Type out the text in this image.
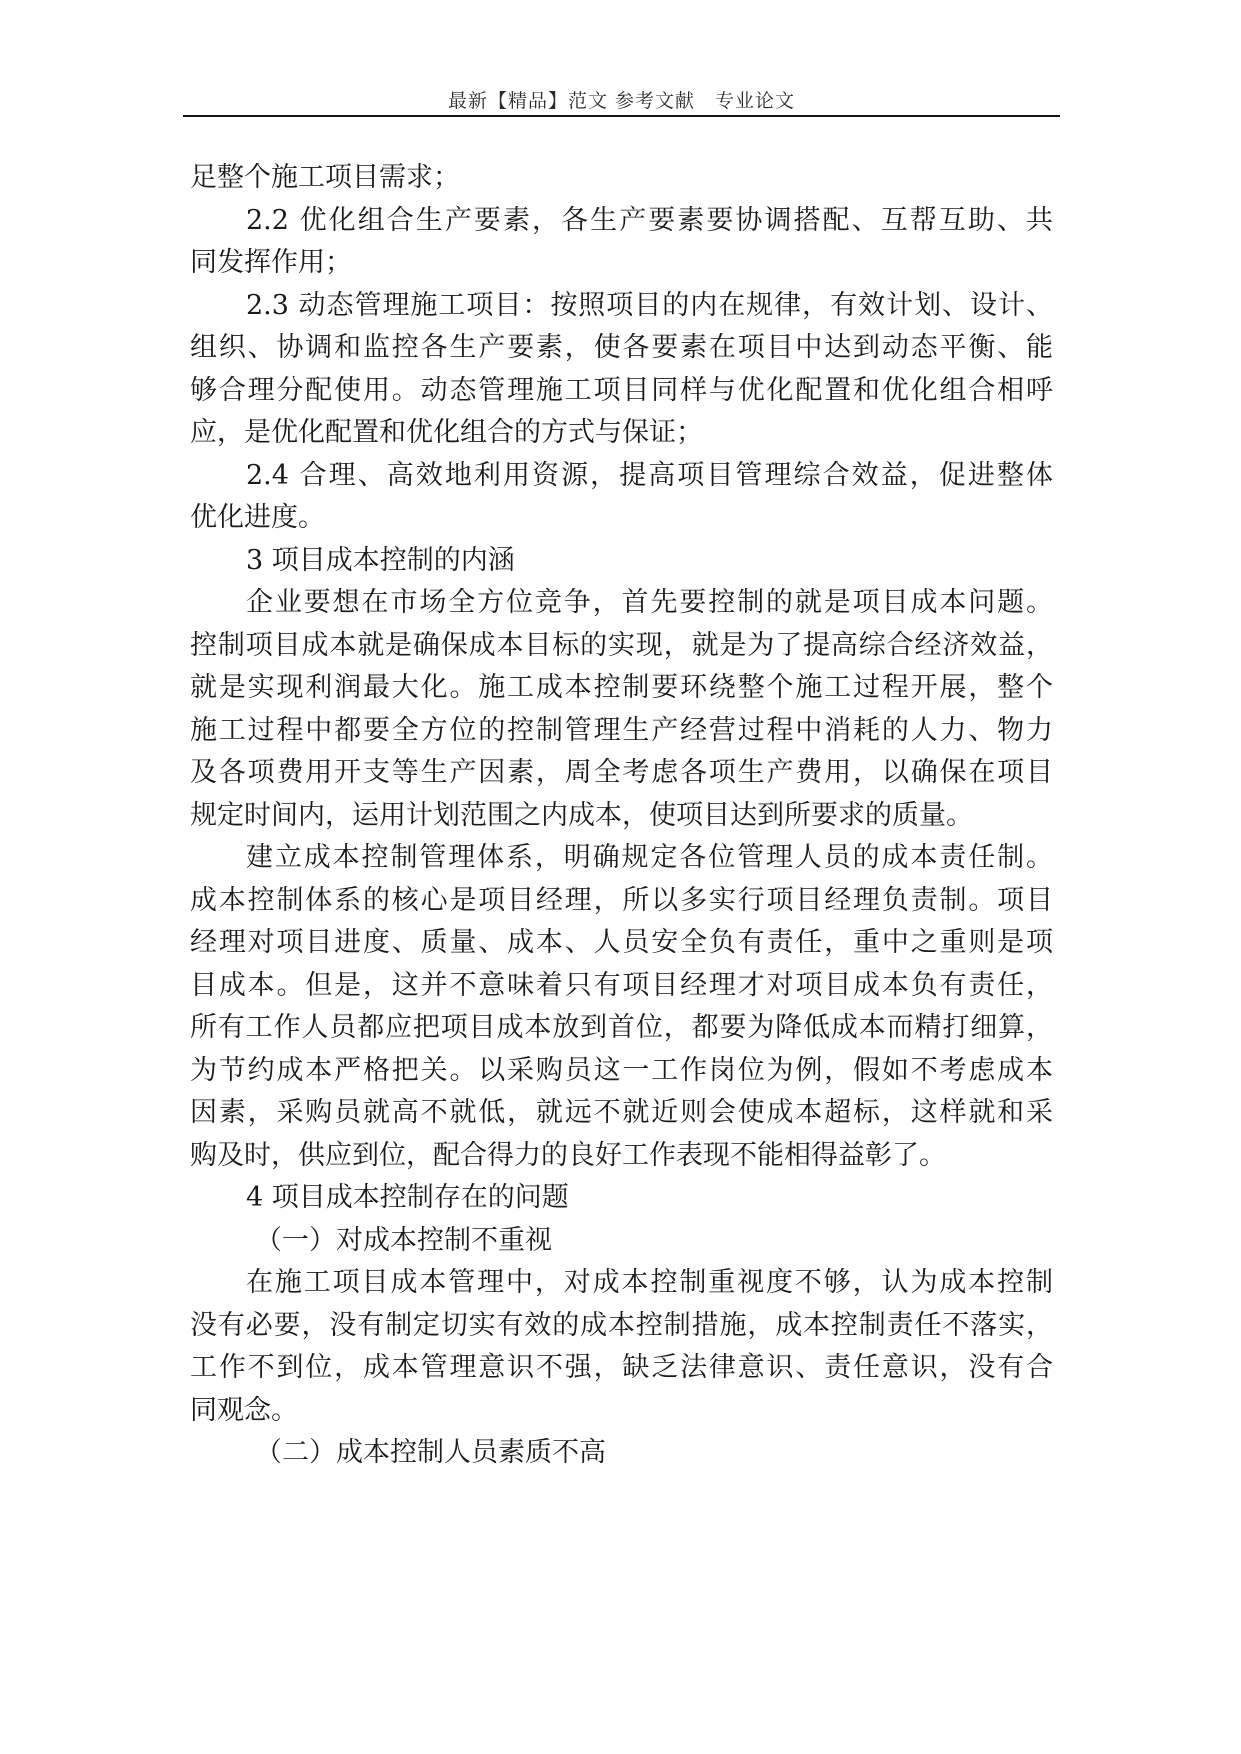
最新【精品】范文 参考文献　专业论文
足整个施工项目需求；
2.2 优化组合生产要素，各生产要素要协调搭配、互帮互助、共
同发挥作用；
2.3 动态管理施工项目：按照项目的内在规律，有效计划、设计、
组织、协调和监控各生产要素，使各要素在项目中达到动态平衡、能
够合理分配使用。动态管理施工项目同样与优化配置和优化组合相呼
应，是优化配置和优化组合的方式与保证；
2.4 合理、高效地利用资源，提高项目管理综合效益，促进整体
优化进度。
3 项目成本控制的内涵
企业要想在市场全方位竞争，首先要控制的就是项目成本问题。
控制项目成本就是确保成本目标的实现，就是为了提高综合经济效益，
就是实现利润最大化。施工成本控制要环绕整个施工过程开展，整个
施工过程中都要全方位的控制管理生产经营过程中消耗的人力、物力
及各项费用开支等生产因素，周全考虑各项生产费用，以确保在项目
规定时间内，运用计划范围之内成本，使项目达到所要求的质量。
建立成本控制管理体系，明确规定各位管理人员的成本责任制。
成本控制体系的核心是项目经理，所以多实行项目经理负责制。项目
经理对项目进度、质量、成本、人员安全负有责任，重中之重则是项
目成本。但是，这并不意味着只有项目经理才对项目成本负有责任，
所有工作人员都应把项目成本放到首位，都要为降低成本而精打细算，
为节约成本严格把关。以采购员这一工作岗位为例，假如不考虑成本
因素，采购员就高不就低，就远不就近则会使成本超标，这样就和采
购及时，供应到位，配合得力的良好工作表现不能相得益彰了。
4 项目成本控制存在的问题
（一）对成本控制不重视
在施工项目成本管理中，对成本控制重视度不够，认为成本控制
没有必要，没有制定切实有效的成本控制措施，成本控制责任不落实，
工作不到位，成本管理意识不强，缺乏法律意识、责任意识，没有合
同观念。
（二）成本控制人员素质不高
